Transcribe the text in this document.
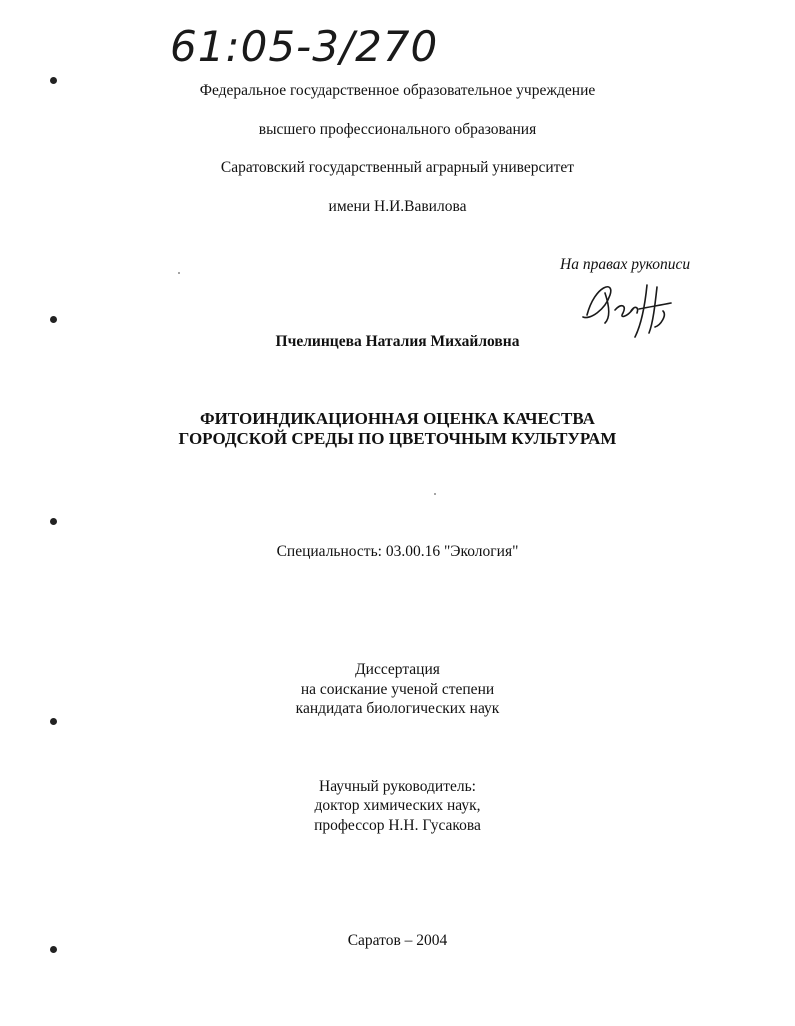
61:05-3/270
Федеральное государственное образовательное учреждение
высшего профессионального образования
Саратовский государственный аграрный университет
имени Н.И.Вавилова
На правах рукописи
Пчелинцева Наталия Михайловна
ФИТОИНДИКАЦИОННАЯ ОЦЕНКА КАЧЕСТВА
ГОРОДСКОЙ СРЕДЫ ПО ЦВЕТОЧНЫМ КУЛЬТУРАМ
Специальность: 03.00.16 "Экология"
Диссертация
на соискание ученой степени
кандидата биологических наук
Научный руководитель:
доктор химических наук,
профессор Н.Н. Гусакова
Саратов – 2004
